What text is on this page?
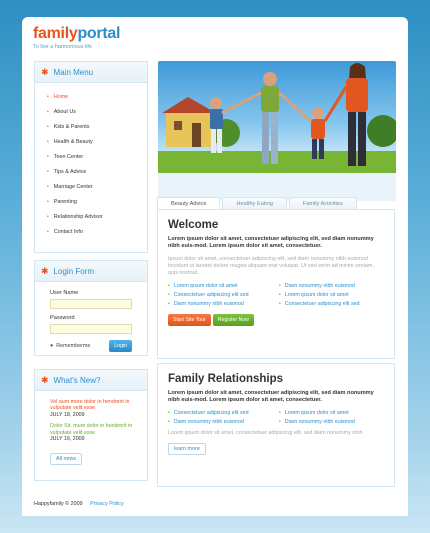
familyportal
To live a harmonious life
✱ Main Menu
• Home
• About Us
• Kids & Parents
• Health & Beauty
• Teen Center
• Tips & Advice
• Marriage Center
• Parenting
• Relationship Advisor
• Contact Info
✱ Login Form
User Name
Password
● Rememberme	Login
✱ What's New?
Vel aum more dolor in hendrerit in vulputate velit esse
JULY 18, 2009
Dolor Sit. mure dolor in hendrerit in vulputate velit esse
JULY 16, 2009
All news
Beauty Advice	Healthy Eating	Family Activities
Welcome
Lorem ipsum dolor sit amet, consectetuer adipiscing elit, sed diam nonummy nibh euis-mod. Lorem ipsum dolor sit amet, consectetuer.
Ipsum dolor sit amet, consectetuer adipiscing elit, sed diam nonummy nibh euismod tincidunt ut laoreet dolore magna aliquam erat volutpat. Ut wisi enim ad minim veniam, quis nostrud.
• Lorem ipsum dolor sit amet	• Diam nonummy nibh euismod
• Consectetuer adipiscing elit sed	• Lorem ipsum dolor sit amet
• Diam nonummy nibh euismod	• Consectetuer adipiscing elit sed
Start Site Tour	Register Now
Family Relationships
Lorem ipsum dolor sit amet, consectetuer adipiscing elit, sed diam nonummy nibh euis-mod. Lorem ipsum dolor sit amet, consectetuer.
• Consectetuer adipiscing elit sed	• Lorem ipsum dolor sit amet
• Diam nonummy nibh euismod	• Diam nonummy nibh euismod
Lorem ipsum dolor sit amet, consectetuer adipiscing elit, sed diam nonummy nibh.
learn more
Happyfamily © 2009 Privacy Policy
